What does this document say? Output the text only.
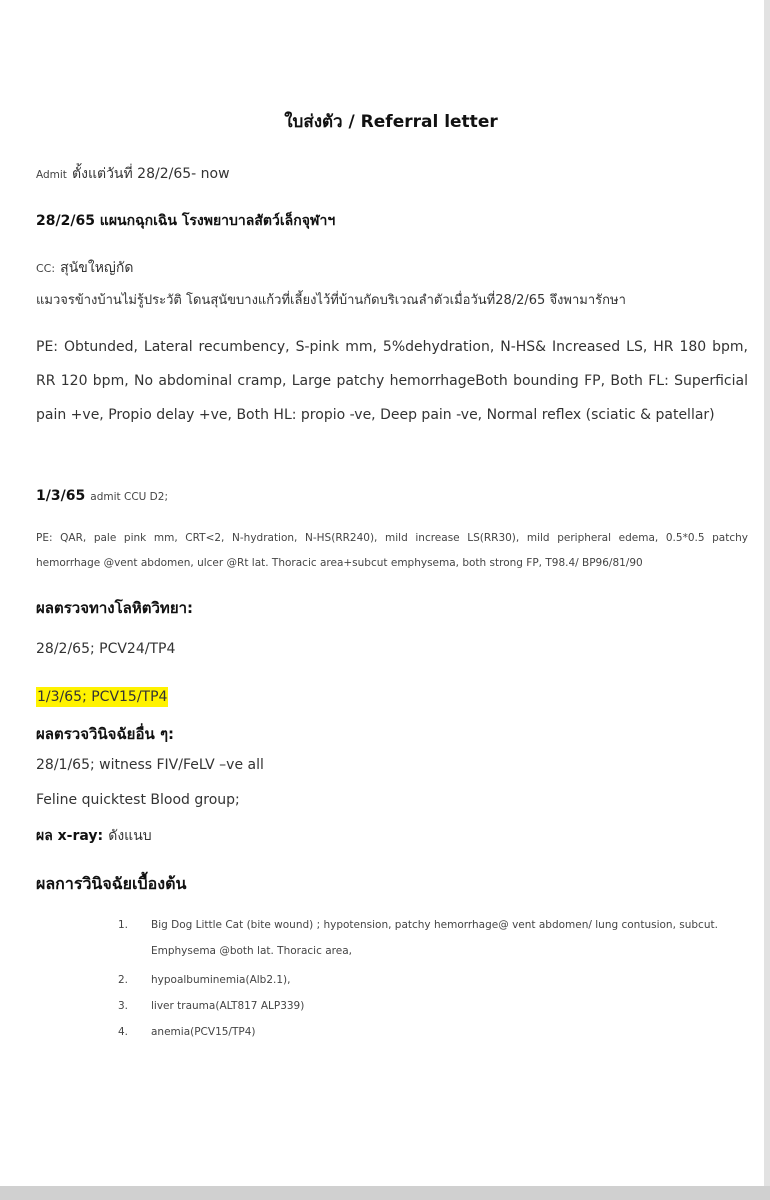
ใบส่งตัว / Referral letter
Admit ตั้งแต่วันที่ 28/2/65- now
28/2/65 แผนกฉุกเฉิน โรงพยาบาลสัตว์เล็กจุฬาฯ
CC: สุนัขใหญ่กัด
แมวจรข้างบ้านไม่รู้ประวัติ โดนสุนัขบางแก้วที่เลี้ยงไว้ที่บ้านกัดบริเวณลำตัวเมื่อวันที่28/2/65 จึงพามารักษา
PE: Obtunded, Lateral recumbency, S-pink mm, 5%dehydration, N-HS& Increased LS, HR 180 bpm, RR 120 bpm, No abdominal cramp, Large patchy hemorrhageBoth bounding FP, Both FL: Superficial pain +ve, Propio delay +ve, Both HL: propio -ve, Deep pain -ve, Normal reflex (sciatic & patellar)
1/3/65 admit CCU D2;
PE: QAR, pale pink mm, CRT<2, N-hydration, N-HS(RR240), mild increase LS(RR30), mild peripheral edema, 0.5*0.5 patchy hemorrhage @vent abdomen, ulcer @Rt lat. Thoracic area+subcut emphysema, both strong FP, T98.4/ BP96/81/90
ผลตรวจทางโลหิตวิทยา:
28/2/65; PCV24/TP4
1/3/65; PCV15/TP4
ผลตรวจวินิจฉัยอื่น ๆ:
28/1/65; witness FIV/FeLV –ve all
Feline quicktest Blood group;
ผล x-ray: ดังแนบ
ผลการวินิจฉัยเบื้องต้น
1.	Big Dog Little Cat (bite wound) ; hypotension, patchy hemorrhage@ vent abdomen/ lung contusion, subcut. Emphysema @both lat. Thoracic area,
2.	hypoalbuminemia(Alb2.1),
3.	liver trauma(ALT817 ALP339)
4.	anemia(PCV15/TP4)
